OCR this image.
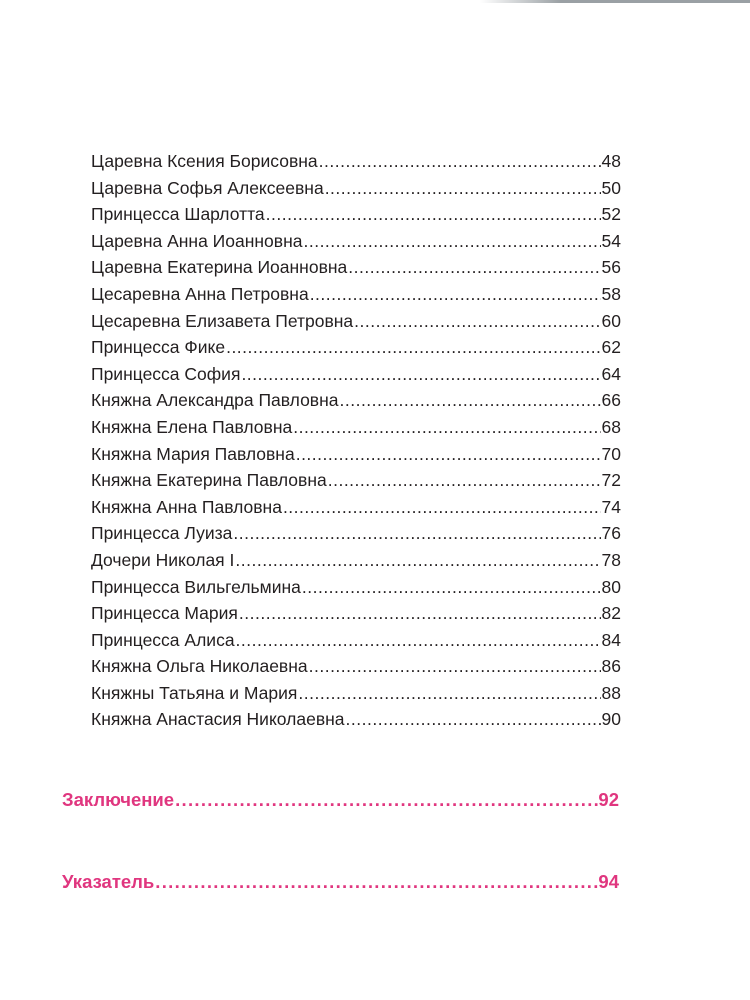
Царевна Ксения Борисовна .....	48
Царевна Софья Алексеевна .....	50
Принцесса Шарлотта .....	52
Царевна Анна Иоанновна .....	54
Царевна Екатерина Иоанновна .....	56
Цесаревна Анна Петровна .....	58
Цесаревна Елизавета Петровна .....	60
Принцесса Фике .....	62
Принцесса София .....	64
Княжна Александра Павловна .....	66
Княжна Елена Павловна .....	68
Княжна Мария Павловна .....	70
Княжна Екатерина Павловна .....	72
Княжна Анна Павловна .....	74
Принцесса Луиза .....	76
Дочери Николая I .....	78
Принцесса Вильгельмина .....	80
Принцесса Мария .....	82
Принцесса Алиса .....	84
Княжна Ольга Николаевна .....	86
Княжны Татьяна и Мария .....	88
Княжна Анастасия Николаевна .....	90
Заключение .....	92
Указатель .....	94
